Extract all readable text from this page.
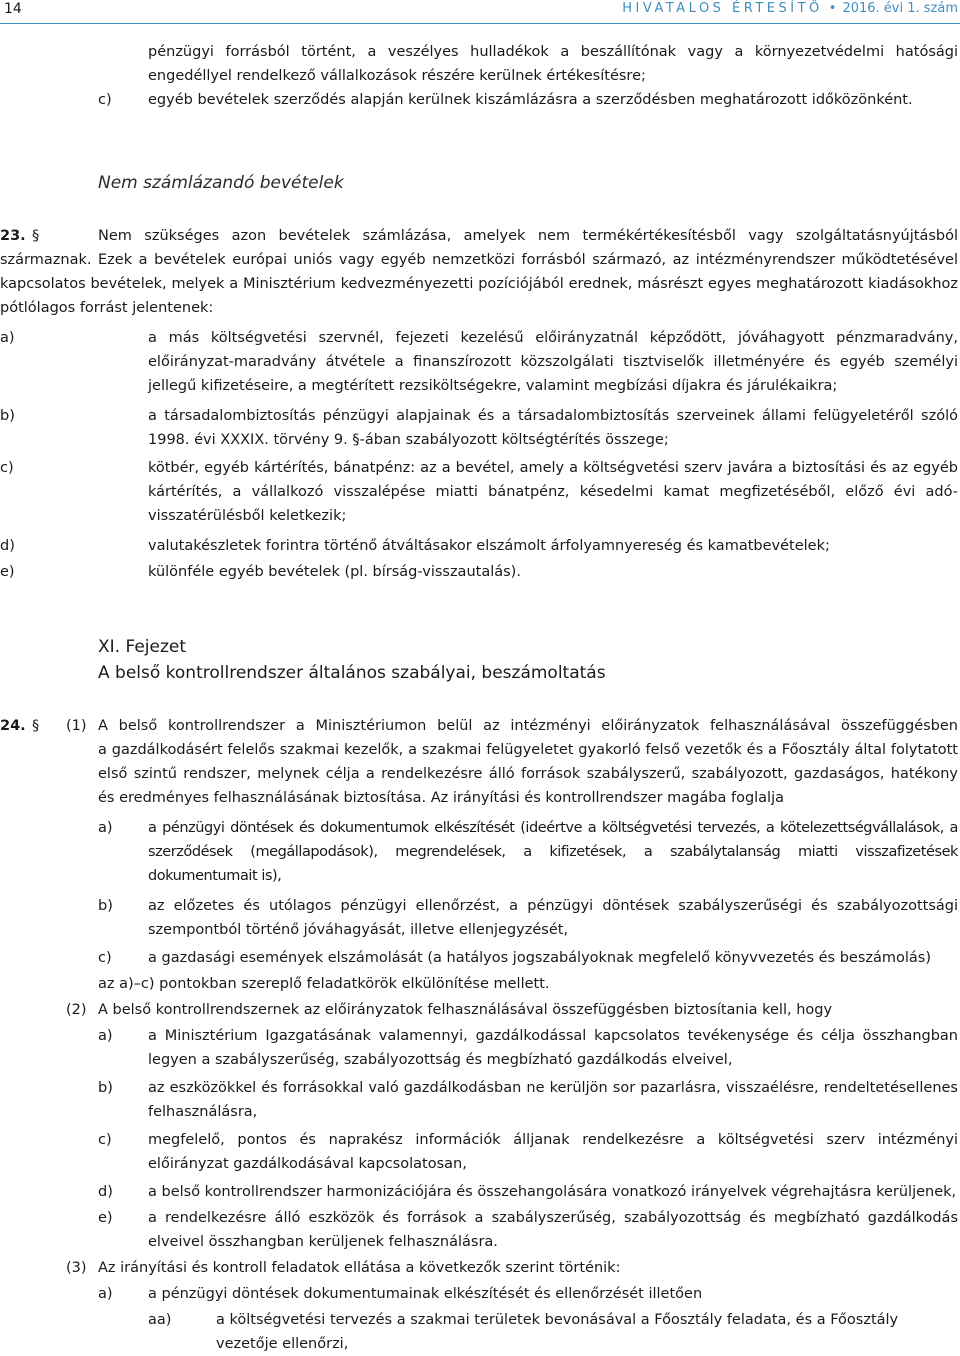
14	HIVATALOS ÉRTESÍTŐ • 2016. évi 1. szám
pénzügyi forrásból történt, a veszélyes hulladékok a beszállítónak vagy a környezetvédelmi hatósági
engedéllyel rendelkező vállalkozások részére kerülnek értékesítésre;
c)	egyéb bevételek szerződés alapján kerülnek kiszámlázásra a szerződésben meghatározott időközönként.
Nem számlázandó bevételek
23. §	Nem szükséges azon bevételek számlázása, amelyek nem termékértékesítésből vagy szolgáltatásnyújtásból
származnak. Ezek a bevételek európai uniós vagy egyéb nemzetközi forrásból származó, az intézményrendszer működtetésével kapcsolatos bevételek, melyek a Minisztérium kedvezményezetti pozíciójából erednek, másrészt egyes meghatározott kiadásokhoz pótlólagos forrást jelentenek:
a)	a más költségvetési szervnél, fejezeti kezelésű előirányzatnál képződött, jóváhagyott pénzmaradvány, előirányzat-maradvány átvétele a finanszírozott közszolgálati tisztviselők illetményére és egyéb személyi jellegű kifizetéseire, a megtérített rezsiköltségekre, valamint megbízási díjakra és járulékaikra;
b)	a társadalombiztosítás pénzügyi alapjainak és a társadalombiztosítás szerveinek állami felügyeletéről szóló 1998. évi XXXIX. törvény 9. §-ában szabályozott költségtérítés összege;
c)	kötbér, egyéb kártérítés, bánatpénz: az a bevétel, amely a költségvetési szerv javára a biztosítási és az egyéb kártérítés, a vállalkozó visszalépése miatti bánatpénz, késedelmi kamat megfizetéséből, előző évi adó-visszatérülésből keletkezik;
d)	valutakészletek forintra történő átváltásakor elszámolt árfolyamnyereség és kamatbevételek;
e)	különféle egyéb bevételek (pl. bírság-visszautalás).
XI. Fejezet
A belső kontrollrendszer általános szabályai, beszámoltatás
24. § (1) A belső kontrollrendszer a Minisztériumon belül az intézményi előirányzatok felhasználásával összefüggésben
a gazdálkodásért felelős szakmai kezelők, a szakmai felügyeletet gyakorló felső vezetők és a Főosztály által folytatott első szintű rendszer, melynek célja a rendelkezésre álló források szabályszerű, szabályozott, gazdaságos, hatékony és eredményes felhasználásának biztosítása. Az irányítási és kontrollrendszer magába foglalja
a) a pénzügyi döntések és dokumentumok elkészítését (ideértve a költségvetési tervezés, a kötelezettségvállalások, a szerződések (megállapodások), megrendelések, a kifizetések, a szabálytalanság miatti visszafizetések dokumentumait is),
b) az előzetes és utólagos pénzügyi ellenőrzést, a pénzügyi döntések szabályszerűségi és szabályozottsági szempontból történő jóváhagyását, illetve ellenjegyzését,
c)	a gazdasági események elszámolását (a hatályos jogszabályoknak megfelelő könyvvezetés és beszámolás)
az a)–c) pontokban szereplő feladatkörök elkülönítése mellett.
(2) A belső kontrollrendszernek az előirányzatok felhasználásával összefüggésben biztosítania kell, hogy
a) a Minisztérium Igazgatásának valamennyi, gazdálkodással kapcsolatos tevékenysége és célja összhangban legyen a szabályszerűség, szabályozottság és megbízható gazdálkodás elveivel,
b) az eszközökkel és forrásokkal való gazdálkodásban ne kerüljön sor pazarlásra, visszaélésre, rendeltetésellenes felhasználásra,
c)	megfelelő, pontos és naprakész információk álljanak rendelkezésre a költségvetési szerv intézményi előirányzat gazdálkodásával kapcsolatosan,
d) a belső kontrollrendszer harmonizációjára és összehangolására vonatkozó irányelvek végrehajtásra kerüljenek,
e) a rendelkezésre álló eszközök és források a szabályszerűség, szabályozottság és megbízható gazdálkodás elveivel összhangban kerüljenek felhasználásra.
(3) Az irányítási és kontroll feladatok ellátása a következők szerint történik:
a) a pénzügyi döntések dokumentumainak elkészítését és ellenőrzését illetően
aa)	a költségvetési tervezés a szakmai területek bevonásával a Főosztály feladata, és a Főosztály vezetője ellenőrzi,
